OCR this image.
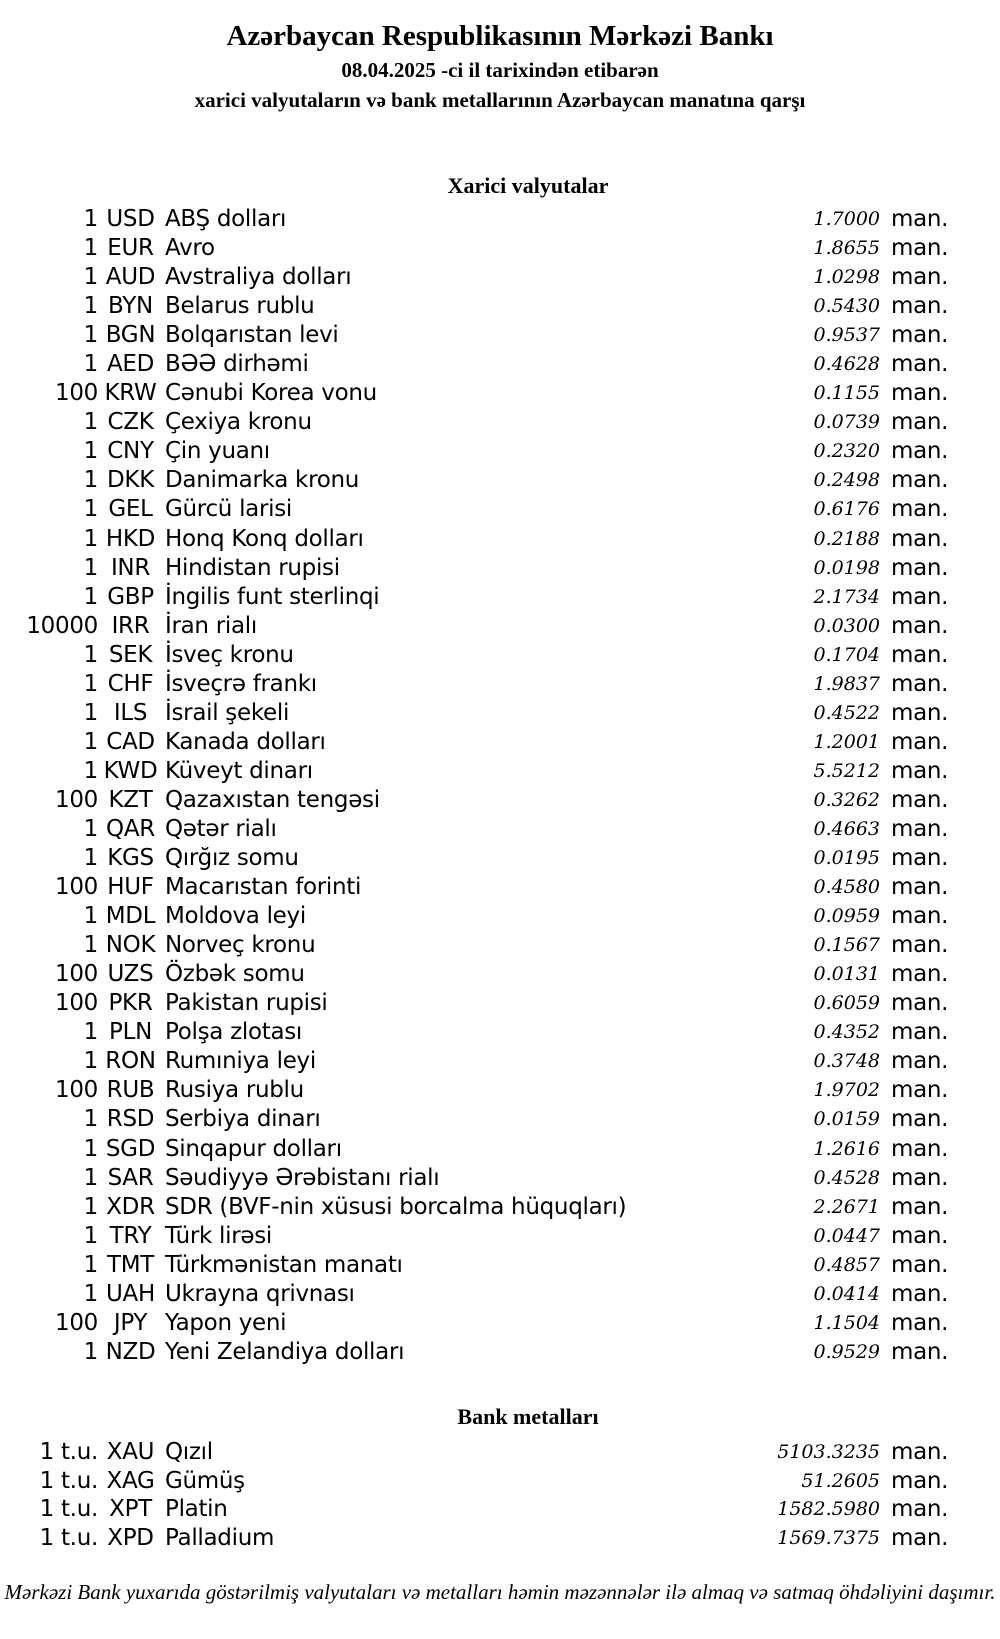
Azərbaycan Respublikasının Mərkəzi Bankı
08.04.2025 -ci il tarixindən etibarən
xarici valyutaların və bank metallarının Azərbaycan manatına qarşı
Xarici valyutalar
1 USD ABŞ dolları	1.7000 man.
1 EUR Avro	1.8655 man.
1 AUD Avstraliya dolları	1.0298 man.
1 BYN Belarus rublu	0.5430 man.
1 BGN Bolqarıstan levi	0.9537 man.
1 AED BƏƏ dirhəmi	0.4628 man.
100 KRW Cənubi Korea vonu	0.1155 man.
1 CZK Çexiya kronu	0.0739 man.
1 CNY Çin yuanı	0.2320 man.
1 DKK Danimarka kronu	0.2498 man.
1 GEL Gürcü larisi	0.6176 man.
1 HKD Honq Konq dolları	0.2188 man.
1 INR Hindistan rupisi	0.0198 man.
1 GBP İngilis funt sterlinqi	2.1734 man.
10000 IRR İran rialı	0.0300 man.
1 SEK İsveç kronu	0.1704 man.
1 CHF İsveçrə frankı	1.9837 man.
1 ILS İsrail şekeli	0.4522 man.
1 CAD Kanada dolları	1.2001 man.
1 KWD Küveyt dinarı	5.5212 man.
100 KZT Qazaxıstan tengəsi	0.3262 man.
1 QAR Qətər rialı	0.4663 man.
1 KGS Qırğız somu	0.0195 man.
100 HUF Macarıstan forinti	0.4580 man.
1 MDL Moldova leyi	0.0959 man.
1 NOK Norveç kronu	0.1567 man.
100 UZS Özbək somu	0.0131 man.
100 PKR Pakistan rupisi	0.6059 man.
1 PLN Polşa zlotası	0.4352 man.
1 RON Rumıniya leyi	0.3748 man.
100 RUB Rusiya rublu	1.9702 man.
1 RSD Serbiya dinarı	0.0159 man.
1 SGD Sinqapur dolları	1.2616 man.
1 SAR Səudiyyə Ərəbistanı rialı	0.4528 man.
1 XDR SDR (BVF-nin xüsusi borcalma hüquqları)	2.2671 man.
1 TRY Türk lirəsi	0.0447 man.
1 TMT Türkmənistan manatı	0.4857 man.
1 UAH Ukrayna qrivnası	0.0414 man.
100 JPY Yapon yeni	1.1504 man.
1 NZD Yeni Zelandiya dolları	0.9529 man.
Bank metalları
1 t.u. XAU Qızıl	5103.3235 man.
1 t.u. XAG Gümüş	51.2605 man.
1 t.u. XPT Platin	1582.5980 man.
1 t.u. XPD Palladium	1569.7375 man.
Mərkəzi Bank yuxarıda göstərilmiş valyutaları və metalları həmin məzənnələr ilə almaq və satmaq öhdəliyini daşımır.
